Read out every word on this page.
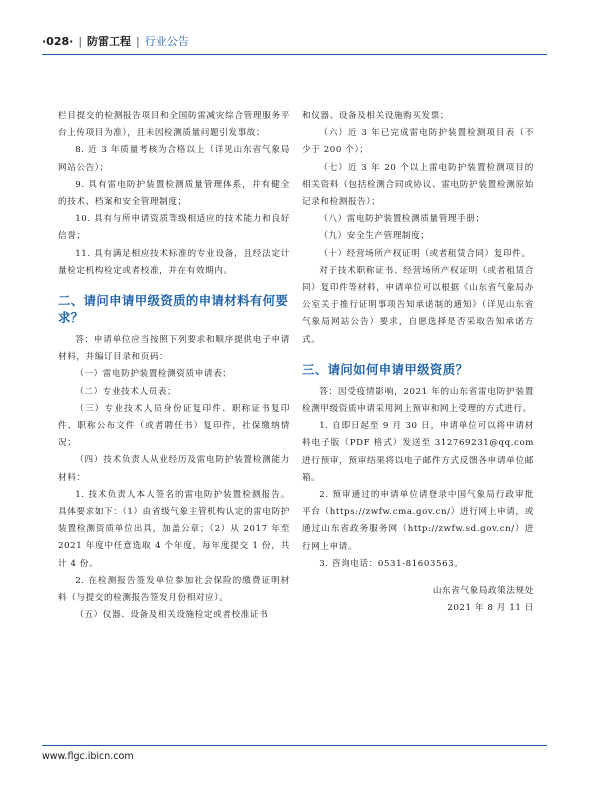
·028· | 防雷工程 | 行业公告

栏目提交的检测报告项目和全国防雷减灾综合管理服务平台上传项目为准），且未因检测质量问题引发事故；

8. 近 3 年质量考核为合格以上（详见山东省气象局网站公告）；

9. 具有雷电防护装置检测质量管理体系，并有健全的技术、档案和安全管理制度；

10. 具有与所申请资质等级相适应的技术能力和良好信誉；

11. 具有满足相应技术标准的专业设备，且经法定计量检定机构检定或者校准，并在有效期内。

二、请问申请甲级资质的申请材料有何要求？

答：申请单位应当按照下列要求和顺序提供电子申请材料，并编订目录和页码：

（一）雷电防护装置检测资质申请表；

（二）专业技术人员表；

（三）专业技术人员身份证复印件、职称证书复印件、职称公布文件（或者聘任书）复印件，社保缴纳情况；

（四）技术负责人从业经历及雷电防护装置检测能力材料：

1. 技术负责人本人签名的雷电防护装置检测报告。具体要求如下：（1）由省级气象主管机构认定的雷电防护装置检测资质单位出具，加盖公章；（2）从 2017 年至 2021 年度中任意选取 4 个年度，每年度提交 1 份，共计 4 份。

2. 在检测报告签发单位参加社会保险的缴费证明材料（与提交的检测报告签发月份相对应）。

（五）仪器、设备及相关设施检定或者校准证书

和仪器、设备及相关设施购买发票；

（六）近 3 年已完成雷电防护装置检测项目表（不少于 200 个）；

（七）近 3 年 20 个以上雷电防护装置检测项目的相关资料（包括检测合同或协议、雷电防护装置检测原始记录和检测报告）；

（八）雷电防护装置检测质量管理手册；

（九）安全生产管理制度；

（十）经营场所产权证明（或者租赁合同）复印件。

对于技术职称证书、经营场所产权证明（或者租赁合同）复印件等材料，申请单位可以根据《山东省气象局办公室关于推行证明事项告知承诺制的通知》（详见山东省气象局网站公告）要求，自愿选择是否采取告知承诺方式。

三、请问如何申请甲级资质？

答：因受疫情影响，2021 年的山东省雷电防护装置检测甲级资质申请采用网上预审和网上受理的方式进行。

1. 自即日起至 9 月 30 日，申请单位可以将申请材料电子版（PDF 格式）发送至 312769231@qq.com 进行预审，预审结果将以电子邮件方式反馈各申请单位邮箱。

2. 预审通过的申请单位请登录中国气象局行政审批平台（https://zwfw.cma.gov.cn/）进行网上申请，或通过山东省政务服务网（http://zwfw.sd.gov.cn/）进行网上申请。

3. 咨询电话：0531-81603563。

山东省气象局政策法规处

2021 年 8 月 11 日

www.flgc.ibicn.com
